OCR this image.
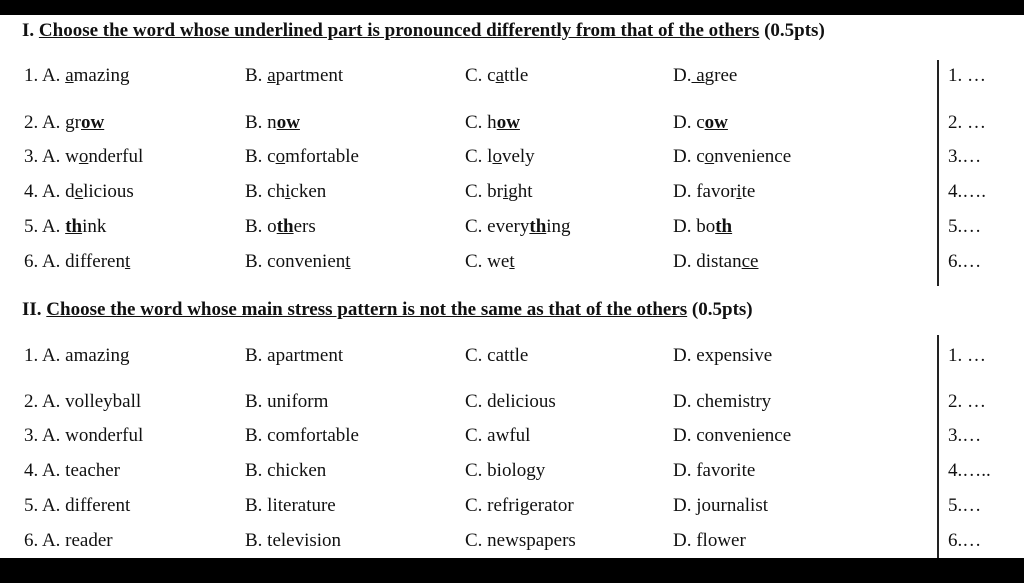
I. Choose the word whose underlined part is pronounced differently from that of the others (0.5pts)
1. A. amazing	B. apartment	C. cattle	D. agree	1. …
2. A. grow	B. now	C. how	D. cow	2. …
3. A. wonderful	B. comfortable	C. lovely	D. convenience	3.…
4. A. delicious	B. chicken	C. bright	D. favorite	4.….
5. A. think	B. others	C. everything	D. both	5.…
6. A. different	B. convenient	C. wet	D. distance	6.…
II. Choose the word whose main stress pattern is not the same as that of the others (0.5pts)
1. A. amazing	B. apartment	C. cattle	D. expensive	1. …
2. A. volleyball	B. uniform	C. delicious	D. chemistry	2. …
3. A. wonderful	B. comfortable	C. awful	D. convenience	3.…
4. A. teacher	B. chicken	C. biology	D. favorite	4.…..
5. A. different	B. literature	C. refrigerator	D. journalist	5.…
6. A. reader	B. television	C. newspapers	D. flower	6.…
